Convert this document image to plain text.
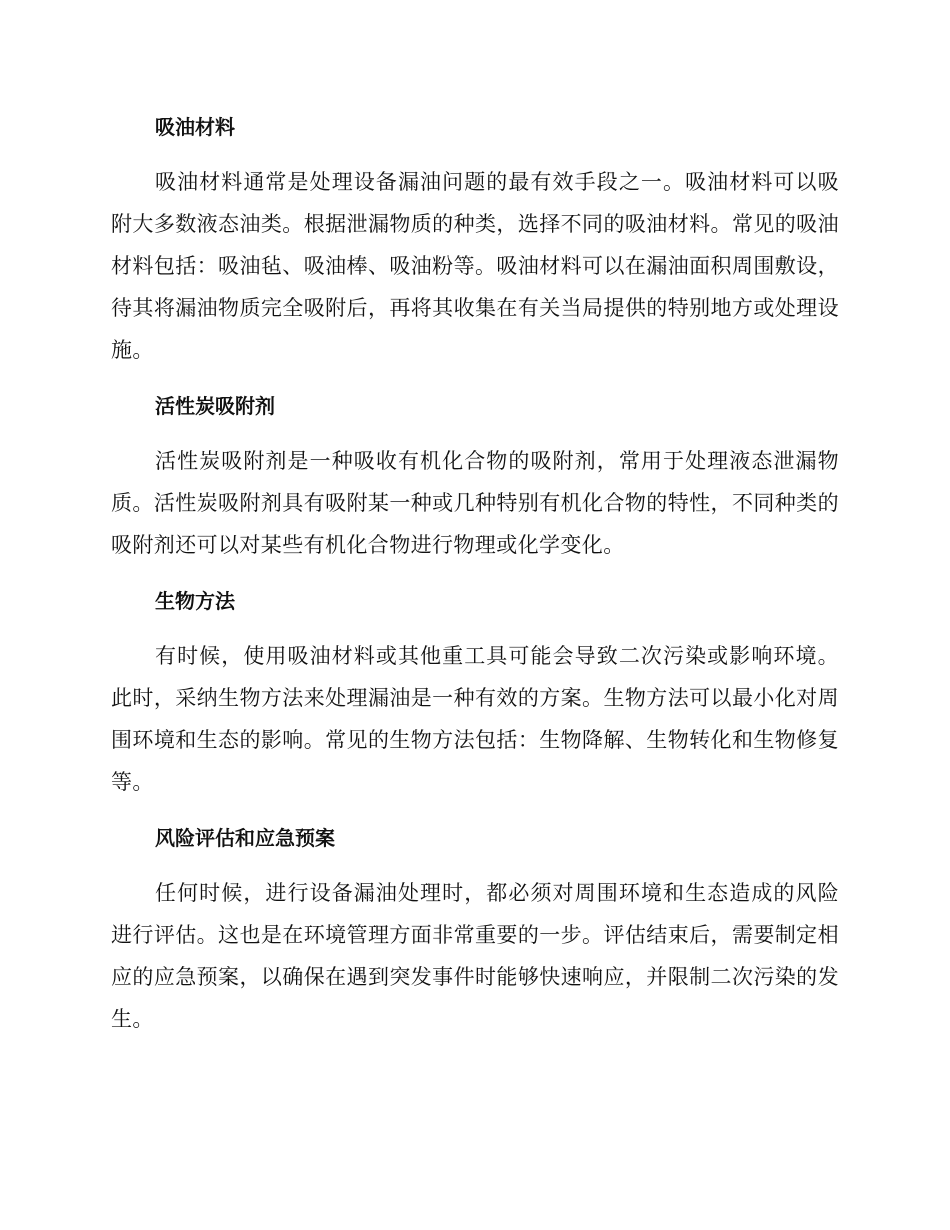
吸油材料

吸油材料通常是处理设备漏油问题的最有效手段之一。吸油材料可以吸附大多数液态油类。根据泄漏物质的种类，选择不同的吸油材料。常见的吸油材料包括：吸油毡、吸油棒、吸油粉等。吸油材料可以在漏油面积周围敷设，待其将漏油物质完全吸附后，再将其收集在有关当局提供的特别地方或处理设施。

活性炭吸附剂

活性炭吸附剂是一种吸收有机化合物的吸附剂，常用于处理液态泄漏物质。活性炭吸附剂具有吸附某一种或几种特别有机化合物的特性，不同种类的吸附剂还可以对某些有机化合物进行物理或化学变化。

生物方法

有时候，使用吸油材料或其他重工具可能会导致二次污染或影响环境。此时，采纳生物方法来处理漏油是一种有效的方案。生物方法可以最小化对周围环境和生态的影响。常见的生物方法包括：生物降解、生物转化和生物修复等。

风险评估和应急预案

任何时候，进行设备漏油处理时，都必须对周围环境和生态造成的风险进行评估。这也是在环境管理方面非常重要的一步。评估结束后，需要制定相应的应急预案，以确保在遇到突发事件时能够快速响应，并限制二次污染的发生。
